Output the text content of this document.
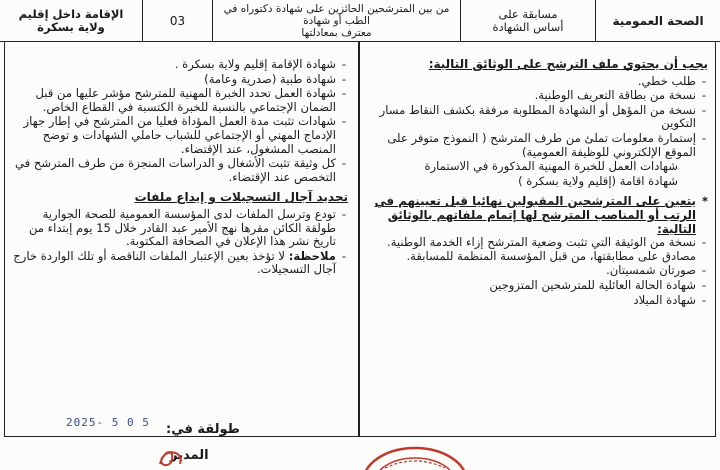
الصحة العمومية
مسابقة على
أساس الشهادة
من بين المترشحين الحائزين على شهادة دكتوراه في الطب أو شهادة
معترف بمعادلتها
03
الإقامة داخل إقليم
ولاية بسكرة
يجب أن يحتوي ملف الترشح على الوثائق التالية:
- طلب خطي.
- نسخة من بطاقة التعريف الوطنية.
- نسخة من المؤهل أو الشهادة المطلوبة مرفقة بكشف النقاط مسار التكوين
- إستمارة معلومات تملئ من طرف المترشح ( النموذج متوفر على الموقع الإلكتروني للوظيفة العمومية)
شهادات العمل للخبرة المهنية المذكورة في الاستمارة
شهادة اقامة (إقليم ولاية بسكرة )
* يتعين على المترشحين المقبولين نهائيا قبل تعيينهم في الرتب أو المناصب المترشح لها إتمام ملفاتهم بالوثائق التالية:
- نسخة من الوثيقة التي تثبت وضعية المترشح إزاء الخدمة الوطنية. مصادق على مطابقتها، من قبل المؤسسة المنظمة للمسابقة.
- صورتان شمسيتان.
- شهادة الحالة العائلية للمترشحين المتزوجين
- شهادة الميلاد
- شهادة الإقامة إقليم ولاية بسكرة .
- شهادة طبية (صدرية وعامة)
- شهادة العمل تحدد الخبرة المهنية للمترشح مؤشر عليها من قبل الضمان الإجتماعي بالنسبة للخبرة الكتسبة في القطاع الخاص.
- شهادات تثبت مدة العمل المؤداة فعليا من المترشح في إطار جهاز الإدماج المهني أو الإجتماعي للشباب حاملي الشهادات و توضح المنصب المشغول، عند الإقتضاء.
- كل وثيقة تثبت الأشغال و الدراسات المنجزة من طرف المترشح في التخصص عند الإقتضاء.
تحديد آجال التسجيلات و إيداع ملفات
- تودع وترسل الملفات لدى المؤسسة العمومية للصحة الجوارية طولقة الكائن مقرها نهج الأمير عبد القادر خلال 15 يوم إبتداء من تاريخ نشر هذا الإعلان في الصحافة المكتوبة.
- ملاحظة: لا تؤخذ بعين الإعتبار الملفات الناقصة أو تلك الواردة خارج آجال التسجيلات.
5 0 5 -2025 طولقة في:
المدير
